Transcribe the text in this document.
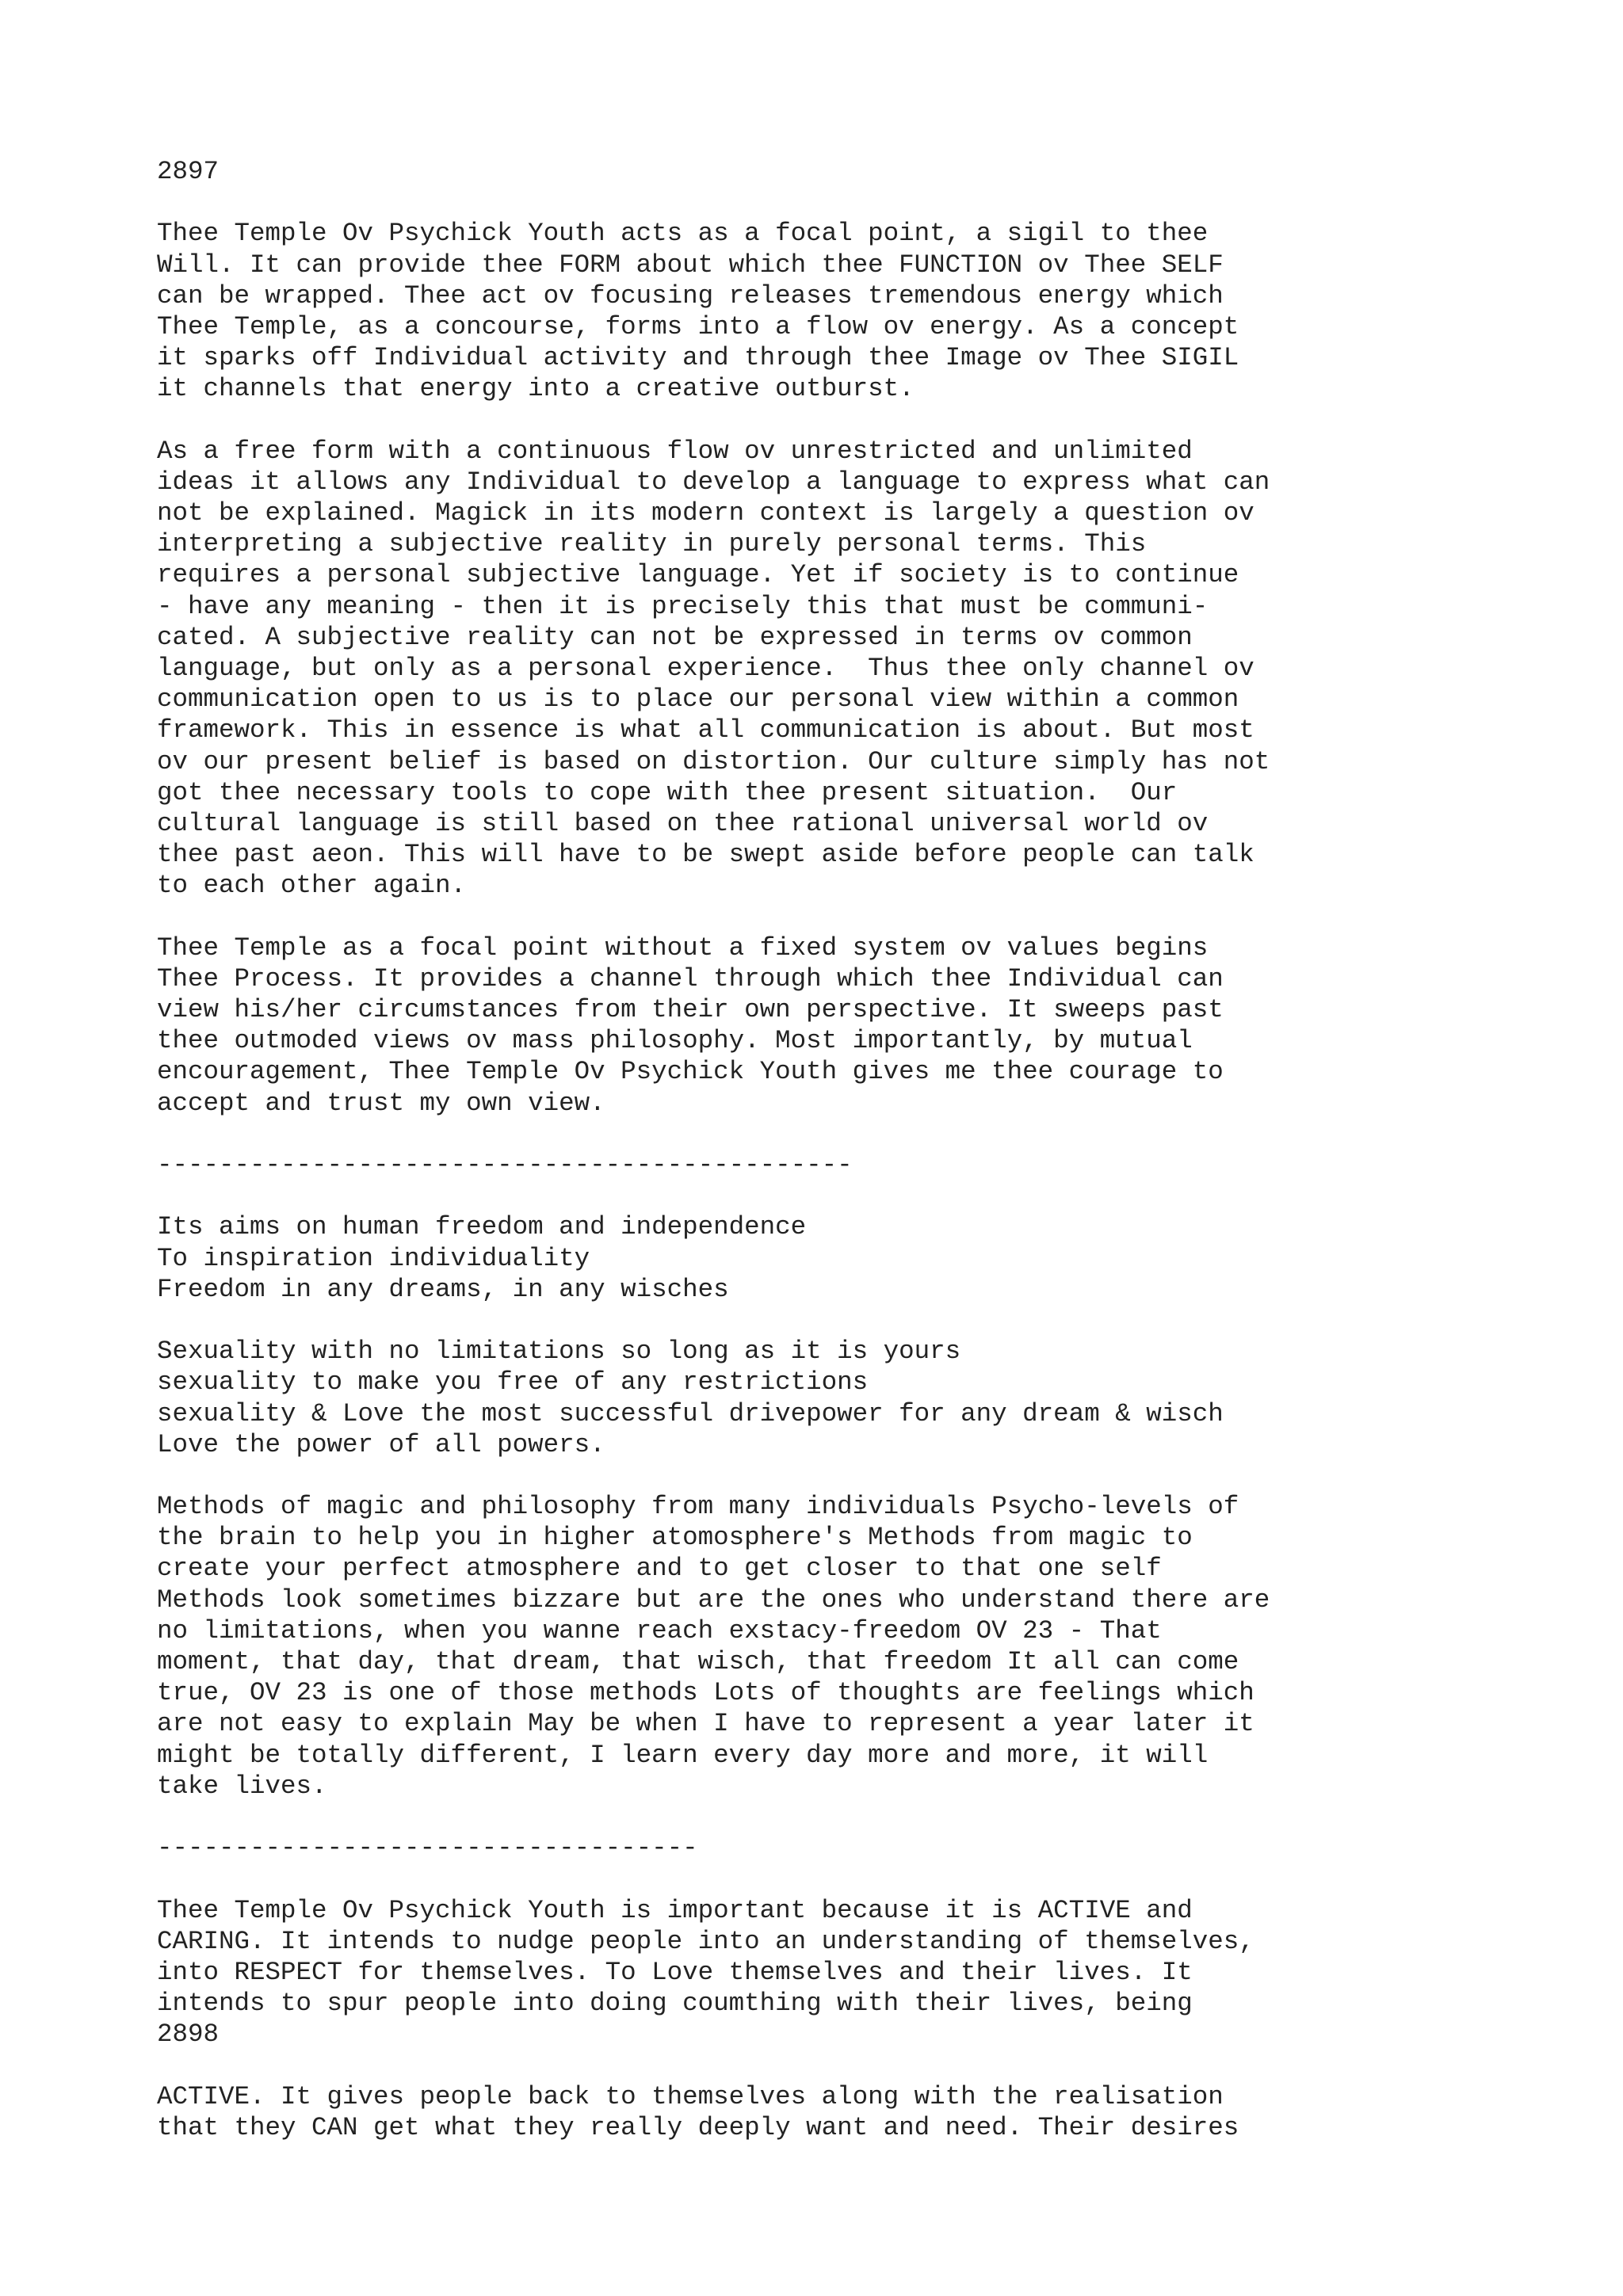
2897
Thee Temple Ov Psychick Youth acts as a focal point, a sigil to thee
Will. It can provide thee FORM about which thee FUNCTION ov Thee SELF
can be wrapped. Thee act ov focusing releases tremendous energy which
Thee Temple, as a concourse, forms into a flow ov energy. As a concept
it sparks off Individual activity and through thee Image ov Thee SIGIL
it channels that energy into a creative outburst.
As a free form with a continuous flow ov unrestricted and unlimited
ideas it allows any Individual to develop a language to express what can
not be explained. Magick in its modern context is largely a question ov
interpreting a subjective reality in purely personal terms. This
requires a personal subjective language. Yet if society is to continue
- have any meaning - then it is precisely this that must be communi-
cated. A subjective reality can not be expressed in terms ov common
language, but only as a personal experience.  Thus thee only channel ov
communication open to us is to place our personal view within a common
framework. This in essence is what all communication is about. But most
ov our present belief is based on distortion. Our culture simply has not
got thee necessary tools to cope with thee present situation.  Our
cultural language is still based on thee rational universal world ov
thee past aeon. This will have to be swept aside before people can talk
to each other again.
Thee Temple as a focal point without a fixed system ov values begins
Thee Process. It provides a channel through which thee Individual can
view his/her circumstances from their own perspective. It sweeps past
thee outmoded views ov mass philosophy. Most importantly, by mutual
encouragement, Thee Temple Ov Psychick Youth gives me thee courage to
accept and trust my own view.
---------------------------------------------
Its aims on human freedom and independence
To inspiration individuality
Freedom in any dreams, in any wisches
Sexuality with no limitations so long as it is yours
sexuality to make you free of any restrictions
sexuality & Love the most successful drivepower for any dream & wisch
Love the power of all powers.
Methods of magic and philosophy from many individuals Psycho-levels of
the brain to help you in higher atomosphere's Methods from magic to
create your perfect atmosphere and to get closer to that one self
Methods look sometimes bizzare but are the ones who understand there are
no limitations, when you wanne reach exstacy-freedom OV 23 - That
moment, that day, that dream, that wisch, that freedom It all can come
true, OV 23 is one of those methods Lots of thoughts are feelings which
are not easy to explain May be when I have to represent a year later it
might be totally different, I learn every day more and more, it will
take lives.
-----------------------------------
Thee Temple Ov Psychick Youth is important because it is ACTIVE and
CARING. It intends to nudge people into an understanding of themselves,
into RESPECT for themselves. To Love themselves and their lives. It
intends to spur people into doing coumthing with their lives, being
2898
ACTIVE. It gives people back to themselves along with the realisation
that they CAN get what they really deeply want and need. Their desires
